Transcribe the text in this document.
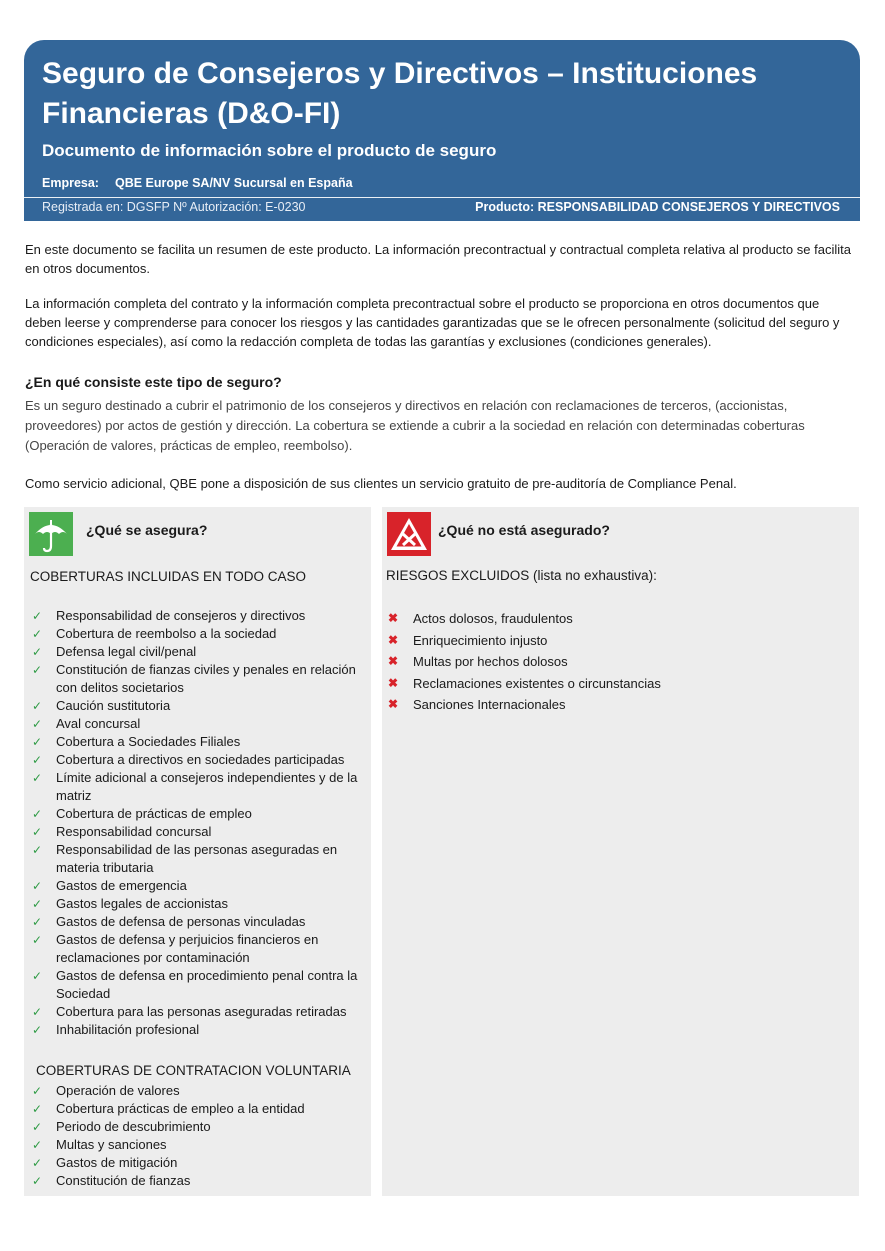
Seguro de Consejeros y Directivos – Instituciones Financieras (D&O-FI)
Documento de información sobre el producto de seguro
Empresa: QBE Europe SA/NV Sucursal en España
Registrada en: DGSFP Nº Autorización: E-0230	Producto: RESPONSABILIDAD CONSEJEROS Y DIRECTIVOS
En este documento se facilita un resumen de este producto. La información precontractual y contractual completa relativa al producto se facilita en otros documentos.
La información completa del contrato y la información completa precontractual sobre el producto se proporciona en otros documentos que deben leerse y comprenderse para conocer los riesgos y las cantidades garantizadas que se le ofrecen personalmente (solicitud del seguro y condiciones especiales), así como la redacción completa de todas las garantías y exclusiones (condiciones generales).
¿En qué consiste este tipo de seguro?
Es un seguro destinado a cubrir el patrimonio de los consejeros y directivos en relación con reclamaciones de terceros, (accionistas, proveedores) por actos de gestión y dirección. La cobertura se extiende a cubrir a la sociedad en relación con determinadas coberturas (Operación de valores, prácticas de empleo, reembolso).
Como servicio adicional, QBE pone a disposición de sus clientes un servicio gratuito de pre-auditoría de Compliance Penal.
¿Qué se asegura?
COBERTURAS INCLUIDAS EN TODO CASO
✓ Responsabilidad de consejeros y directivos
✓ Cobertura de reembolso a la sociedad
✓ Defensa legal civil/penal
✓ Constitución de fianzas civiles y penales en relación con delitos societarios
✓ Caución sustitutoria
✓ Aval concursal
✓ Cobertura a Sociedades Filiales
✓ Cobertura a directivos en sociedades participadas
✓ Límite adicional a consejeros independientes y de la matriz
✓ Cobertura de prácticas de empleo
✓ Responsabilidad concursal
✓ Responsabilidad de las personas aseguradas en materia tributaria
✓ Gastos de emergencia
✓ Gastos legales de accionistas
✓ Gastos de defensa de personas vinculadas
✓ Gastos de defensa y perjuicios financieros en reclamaciones por contaminación
✓ Gastos de defensa en procedimiento penal contra la Sociedad
✓ Cobertura para las personas aseguradas retiradas
✓ Inhabilitación profesional
COBERTURAS DE CONTRATACION VOLUNTARIA
✓ Operación de valores
✓ Cobertura prácticas de empleo a la entidad
✓ Periodo de descubrimiento
✓ Multas y sanciones
✓ Gastos de mitigación
✓ Constitución de fianzas
¿Qué no está asegurado?
RIESGOS EXCLUIDOS (lista no exhaustiva):
✖ Actos dolosos, fraudulentos
✖ Enriquecimiento injusto
✖ Multas por hechos dolosos
✖ Reclamaciones existentes o circunstancias
✖ Sanciones Internacionales
